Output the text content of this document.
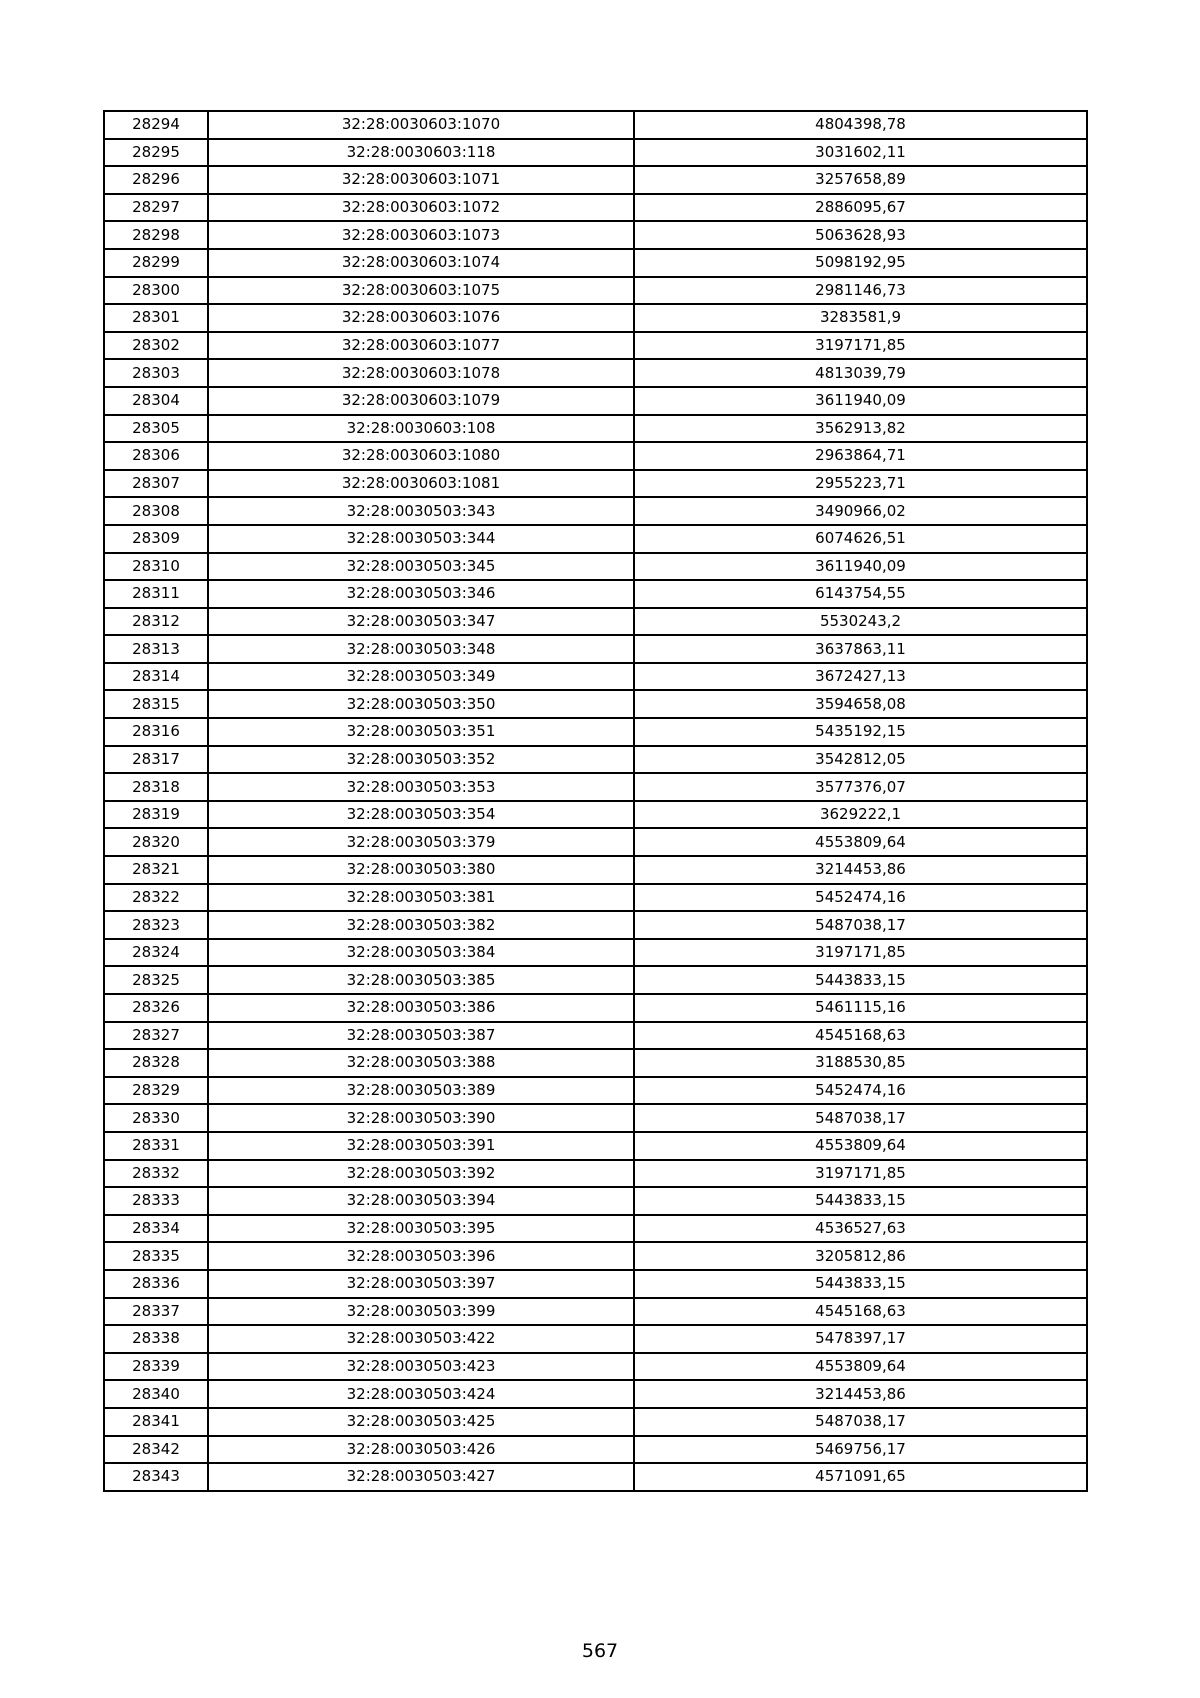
28294	32:28:0030603:1070	4804398,78
28295	32:28:0030603:118	3031602,11
28296	32:28:0030603:1071	3257658,89
28297	32:28:0030603:1072	2886095,67
28298	32:28:0030603:1073	5063628,93
28299	32:28:0030603:1074	5098192,95
28300	32:28:0030603:1075	2981146,73
28301	32:28:0030603:1076	3283581,9
28302	32:28:0030603:1077	3197171,85
28303	32:28:0030603:1078	4813039,79
28304	32:28:0030603:1079	3611940,09
28305	32:28:0030603:108	3562913,82
28306	32:28:0030603:1080	2963864,71
28307	32:28:0030603:1081	2955223,71
28308	32:28:0030503:343	3490966,02
28309	32:28:0030503:344	6074626,51
28310	32:28:0030503:345	3611940,09
28311	32:28:0030503:346	6143754,55
28312	32:28:0030503:347	5530243,2
28313	32:28:0030503:348	3637863,11
28314	32:28:0030503:349	3672427,13
28315	32:28:0030503:350	3594658,08
28316	32:28:0030503:351	5435192,15
28317	32:28:0030503:352	3542812,05
28318	32:28:0030503:353	3577376,07
28319	32:28:0030503:354	3629222,1
28320	32:28:0030503:379	4553809,64
28321	32:28:0030503:380	3214453,86
28322	32:28:0030503:381	5452474,16
28323	32:28:0030503:382	5487038,17
28324	32:28:0030503:384	3197171,85
28325	32:28:0030503:385	5443833,15
28326	32:28:0030503:386	5461115,16
28327	32:28:0030503:387	4545168,63
28328	32:28:0030503:388	3188530,85
28329	32:28:0030503:389	5452474,16
28330	32:28:0030503:390	5487038,17
28331	32:28:0030503:391	4553809,64
28332	32:28:0030503:392	3197171,85
28333	32:28:0030503:394	5443833,15
28334	32:28:0030503:395	4536527,63
28335	32:28:0030503:396	3205812,86
28336	32:28:0030503:397	5443833,15
28337	32:28:0030503:399	4545168,63
28338	32:28:0030503:422	5478397,17
28339	32:28:0030503:423	4553809,64
28340	32:28:0030503:424	3214453,86
28341	32:28:0030503:425	5487038,17
28342	32:28:0030503:426	5469756,17
28343	32:28:0030503:427	4571091,65
567
